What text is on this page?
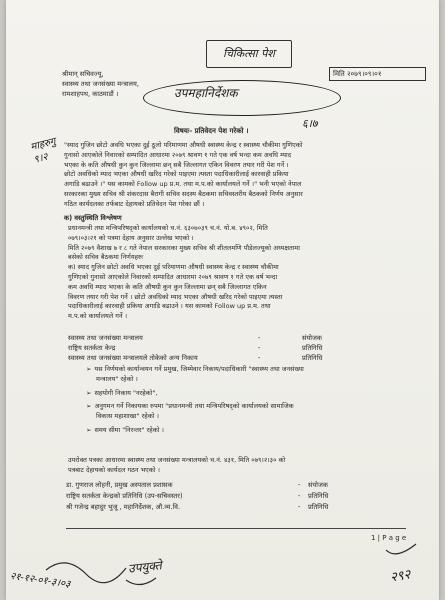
चिकित्सा पेश
मिति २०७९।०९।०१
श्रीमान् सचिवज्यू,
स्वास्थ्य तथा जनसंख्या मन्त्रालय,
रामशाहपथ, काठमाडौं ।	उपमहानिर्देशक
६।७
विषयः- प्रतिवेदन पेश गरेको ।
माहरुगु
९।२
"स्याद गुजिन छोटो अवधि भएका दुई ठूलो परिमाणमा औषधी स्वास्थ्य केन्द्र र स्वास्थ्य चौकीमा गुणिएको
गुनासो आएकोले निवारको सम्पादित आधारमा २०७९ श्रावण १ गते एक वर्ष भन्दा कम अवधि म्याद
भएका के कति औषधी कुन कुन जिल्लामा छन् सबै जिल्लागत एकिन विवरण तयार गरी पेश गर्ने ।
छोटो अवधिको म्याद भएका औषधी खरिद गरेको पाइएमा त्यस्ता पदाधिकारीलाई कारवाही प्रकिया
अगाडि बढाउने ।" यस कामको Follow up प्र.म. तथा म.प.को कार्यालयले गर्ने ।" भनी भएको नेपाल
सरकारका मुख्य सचिव श्री शंकरदास बैरागी सचिव सदस्य बैठकमा सचिवस्तरीय बैठकको निर्णय अनुसार
गठित कार्यदलका तर्फबाट देहायको प्रतिवेदन पेश गरेका छौं ।
क) वस्तुस्थिति विश्लेषण
प्रधानमन्त्री तथा मन्त्रिपरिषद्को कार्यालयको च.नं. ६३०७०३९ च.नं. यो.ब. ४९०२, मिति
०७९।०३।२१ को पत्रमा देहाय अनुसार उल्लेख भएको ।
मिति २०७९ वैशाख ७ र ८ गते नेपाल सरकारका मुख्य सचिव श्री शीतलमणि पौडेलज्यूको अध्यक्षतामा
बसेको सचिव बैठकमा निर्णयहरुः
क) स्याद गुजिन छोटो अवधि भएका दुई परिमाणमा औषधी स्वास्थ्य केन्द्र र स्वास्थ्य चौकीमा
गुणिएको गुनासो आएकोले निवारको सम्पादित आधारमा २०७९ श्रावण १ गते एक वर्ष भन्दा
कम अवधि म्याद भएका के कति औषधी कुन कुन जिल्लामा छन् सबै जिल्लागत एकिन
विवरण तयार गरी पेश गर्ने । छोटो अवधिको म्याद भएका औषधी खरिद गरेको पाइएमा त्यस्ता
पदाधिकारीलाई कारवाही प्रकिया अगाडि बढाउने । यस कामको Follow up प्र.म. तथा
म.प.को कार्यालयले गर्ने ।
स्वास्थ्य तथा जनसंख्या मन्त्रालय	-	संयोजक
राष्ट्रिय सतर्कता केन्द्र	-	प्रतिनिधि
स्वास्थ्य तथा जनसंख्या मन्त्रालयले तोकेको अन्य निकाय	-	प्रतिनिधि
➢ यस निर्णयको कार्यान्वयन गर्ने प्रमुख, जिम्मेवार निकाय/पदाधिकारी "स्वास्थ्य तथा जनसंख्या
मन्त्रालय" रहेको ।
➢ सहयोगी निकाय "नरहेको",
➢ अनुगमन गर्ने निकायका रुपमा "प्रधानमन्त्री तथा मन्त्रिपरिषद्को कार्यालयको सामाजिक
विकास महाशाखा" रहेको ।
➢ समय सीमा "निरन्तर" रहेको ।
उपरोक्त पत्रका आधारमा स्वास्थ्य तथा जनसंख्या मन्त्रालयको च.नं. ४३१, मिति ०७९।२।३० को
पत्रबाट देहायको कार्यदल गठन भएको ।
डा. गुणराज लोहनी, प्रमुख अस्पताल प्रशासक	- संयोजक
राष्ट्रिय सतर्कता केन्द्रको प्रतिनिधि (उप-सचिवस्तर)	- प्रतिनिधि
श्री गजेन्द्र बहादुर भुजू , महानिर्देशक, औ.व्य.वि.	- प्रतिनिधि
1 | P a g e
२१-१२-०१-३।०३
उपयुक्ते
२९२
